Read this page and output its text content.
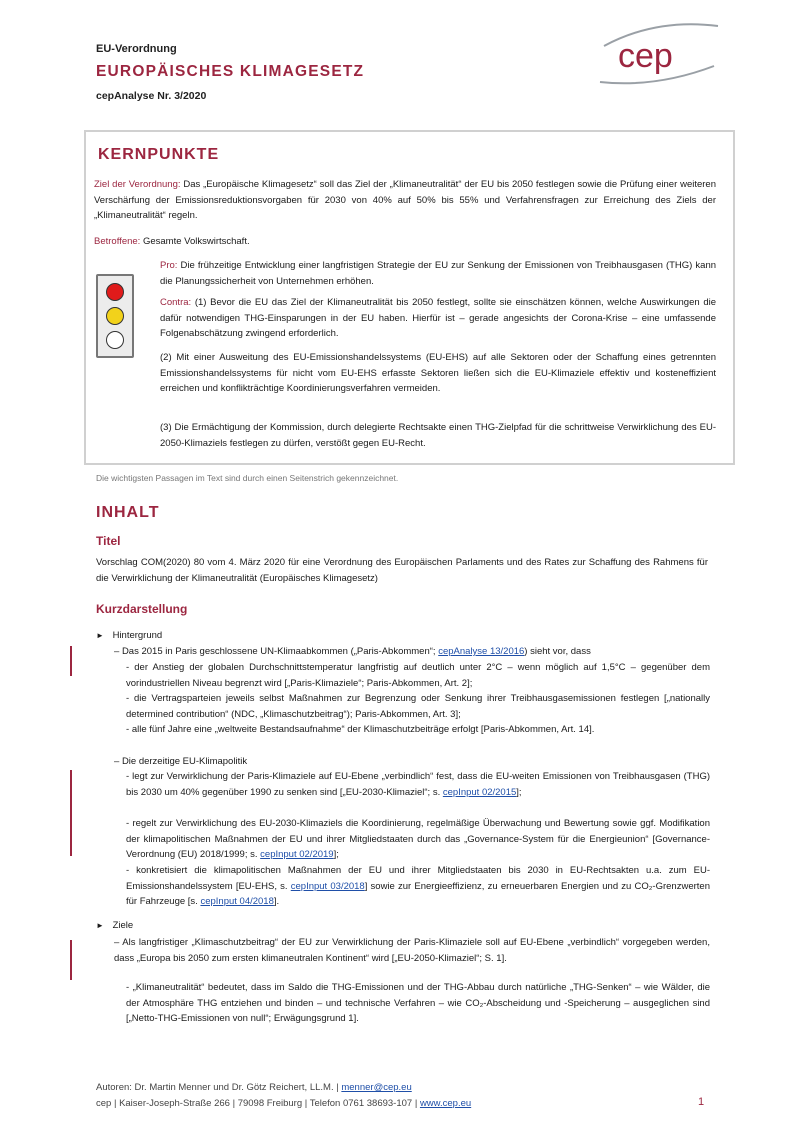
EU-Verordnung
EUROPÄISCHES KLIMAGESETZ
cepAnalyse Nr. 3/2020
cep
KERNPUNKTE

Ziel der Verordnung: Das „Europäische Klimagesetz“ soll das Ziel der „Klimaneutralität“ der EU bis 2050 festlegen sowie die Prüfung einer weiteren Verschärfung der Emissionsreduktionsvorgaben für 2030 von 40% auf 50% bis 55% und Verfahrensfragen zur Erreichung des Ziels der „Klimaneutralität“ regeln.

Betroffene: Gesamte Volkswirtschaft.

Pro: Die frühzeitige Entwicklung einer langfristigen Strategie der EU zur Senkung der Emissionen von Treibhausgasen (THG) kann die Planungssicherheit von Unternehmen erhöhen.

Contra: (1) Bevor die EU das Ziel der Klimaneutralität bis 2050 festlegt, sollte sie einschätzen können, welche Auswirkungen die dafür notwendigen THG-Einsparungen in der EU haben. Hierfür ist – gerade angesichts der Corona-Krise – eine umfassende Folgenabschätzung zwingend erforderlich.

(2) Mit einer Ausweitung des EU-Emissionshandelssystems (EU-EHS) auf alle Sektoren oder der Schaffung eines getrennten Emissionshandelssystems für nicht vom EU-EHS erfasste Sektoren ließen sich die EU-Klimaziele effektiv und kosteneffizient erreichen und konflikträchtige Koordinierungsverfahren vermeiden.

(3) Die Ermächtigung der Kommission, durch delegierte Rechtsakte einen THG-Zielpfad für die schrittweise Verwirklichung des EU-2050-Klimaziels festlegen zu dürfen, verstößt gegen EU-Recht.

Die wichtigsten Passagen im Text sind durch einen Seitenstrich gekennzeichnet.
INHALT
Titel

Vorschlag COM(2020) 80 vom 4. März 2020 für eine Verordnung des Europäischen Parlaments und des Rates zur Schaffung des Rahmens für die Verwirklichung der Klimaneutralität (Europäisches Klimagesetz)

Kurzdarstellung
► Hintergrund

– Das 2015 in Paris geschlossene UN-Klimaabkommen („Paris-Abkommen“; cepAnalyse 13/2016) sieht vor, dass

- der Anstieg der globalen Durchschnittstemperatur langfristig auf deutlich unter 2°C – wenn möglich auf 1,5°C – gegenüber dem vorindustriellen Niveau begrenzt wird [„Paris-Klimaziele“; Paris-Abkommen, Art. 2];

- die Vertragsparteien jeweils selbst Maßnahmen zur Begrenzung oder Senkung ihrer Treibhausgasemissionen festlegen [„nationally determined contribution“ (NDC, „Klimaschutzbeitrag“); Paris-Abkommen, Art. 3];

- alle fünf Jahre eine „weltweite Bestandsaufnahme“ der Klimaschutzbeiträge erfolgt [Paris-Abkommen, Art. 14].

– Die derzeitige EU-Klimapolitik

- legt zur Verwirklichung der Paris-Klimaziele auf EU-Ebene „verbindlich“ fest, dass die EU-weiten Emissionen von Treibhausgasen (THG) bis 2030 um 40% gegenüber 1990 zu senken sind [„EU-2030-Klimaziel“; s. cepInput 02/2015];

- regelt zur Verwirklichung des EU-2030-Klimaziels die Koordinierung, regelmäßige Überwachung und Bewertung sowie ggf. Modifikation der klimapolitischen Maßnahmen der EU und ihrer Mitgliedstaaten durch das „Governance-System für die Energieunion“ [Governance-Verordnung (EU) 2018/1999; s. cepInput 02/2019];

- konkretisiert die klimapolitischen Maßnahmen der EU und ihrer Mitgliedstaaten bis 2030 in EU-Rechtsakten u.a. zum EU-Emissionshandelssystem [EU-EHS, s. cepInput 03/2018] sowie zur Energieeffizienz, zu erneuerbaren Energien und zu CO₂-Grenzwerten für Fahrzeuge [s. cepInput 04/2018].

► Ziele

– Als langfristiger „Klimaschutzbeitrag“ der EU zur Verwirklichung der Paris-Klimaziele soll auf EU-Ebene „verbindlich“ vorgegeben werden, dass „Europa bis 2050 zum ersten klimaneutralen Kontinent“ wird [„EU-2050-Klimaziel“; S. 1].

- „Klimaneutralität“ bedeutet, dass im Saldo die THG-Emissionen und der THG-Abbau durch natürliche „THG-Senken“ – wie Wälder, die der Atmosphäre THG entziehen und binden – und technische Verfahren – wie CO₂-Abscheidung und -Speicherung – ausgeglichen sind [„Netto-THG-Emissionen von null“; Erwägungsgrund 1].

Autoren: Dr. Martin Menner und Dr. Götz Reichert, LL.M. | menner@cep.eu
cep | Kaiser-Joseph-Straße 266 | 79098 Freiburg | Telefon 0761 38693-107 | www.cep.eu	1
